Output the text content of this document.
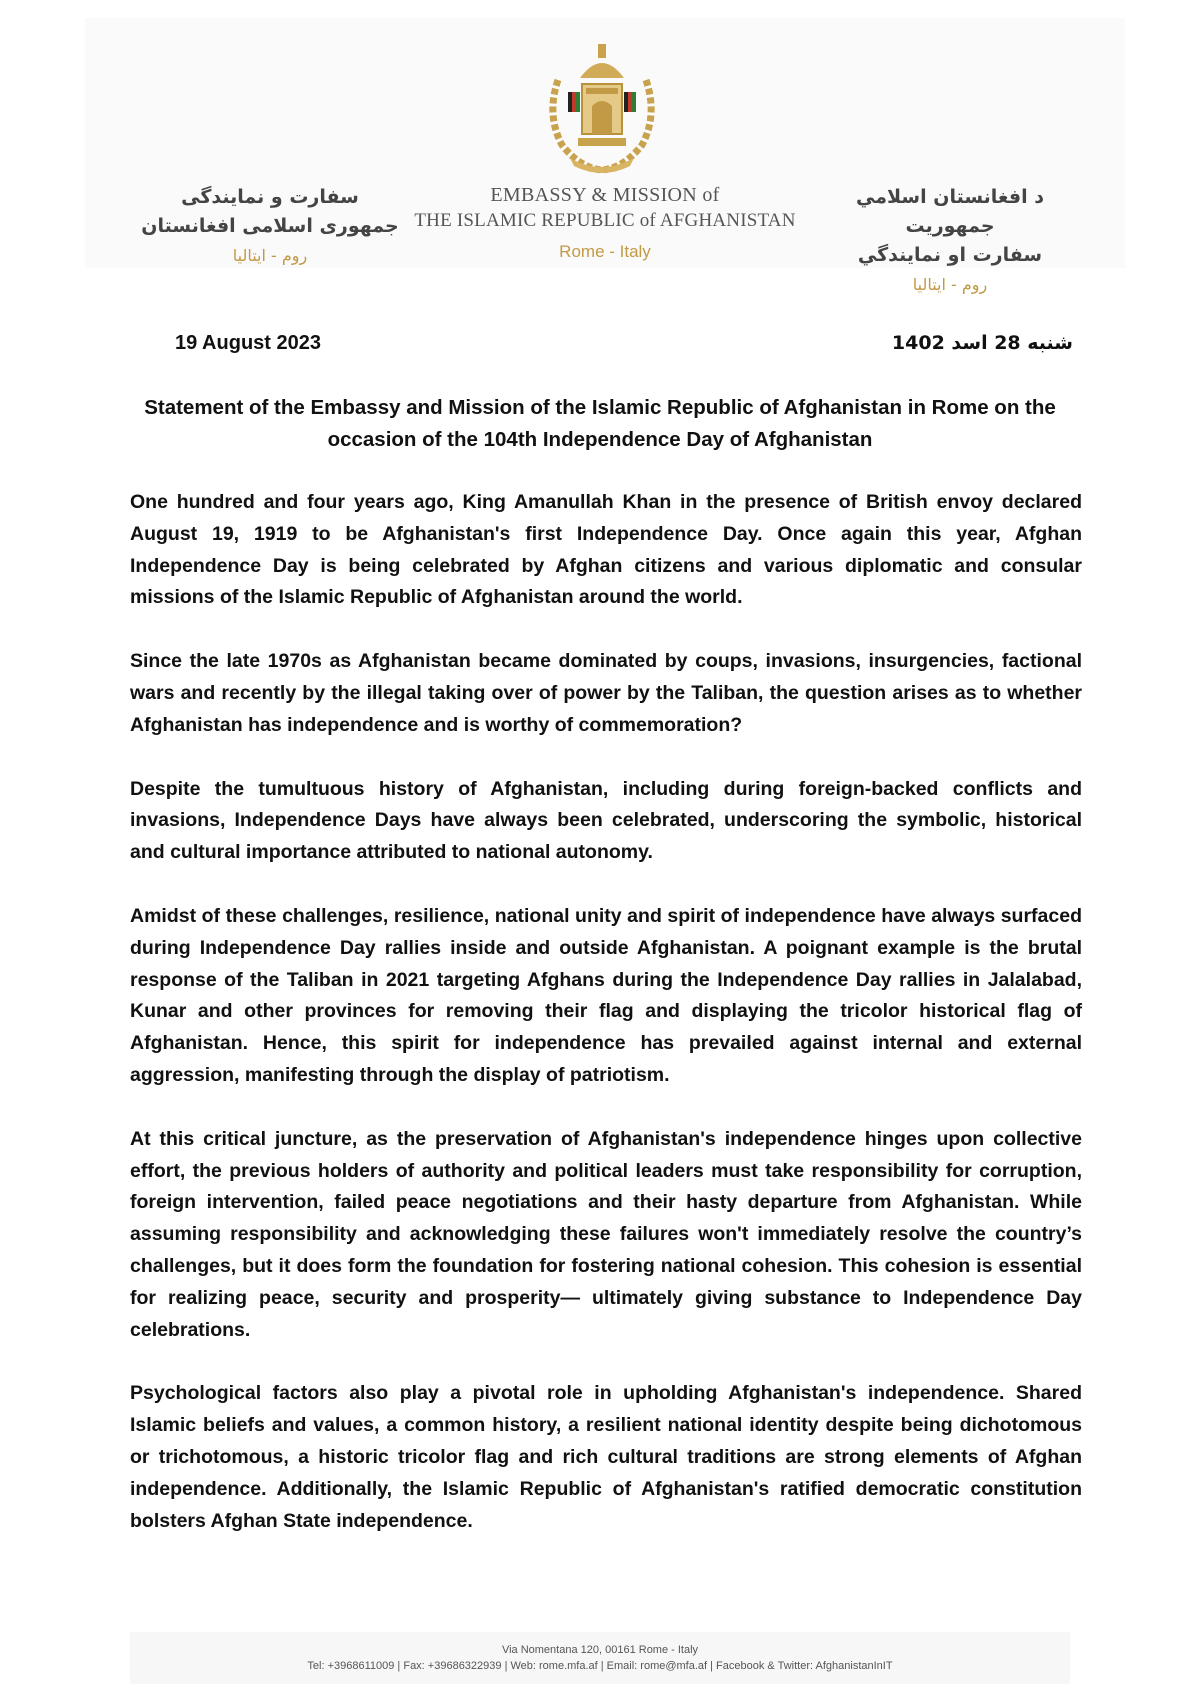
سفارت و نمایندگی
جمهوری اسلامی افغانستان
روم - ایتالیا
EMBASSY & MISSION of
THE ISLAMIC REPUBLIC of AFGHANISTAN
Rome - Italy
د افغانستان اسلامي جمهوريت
سفارت او نمایندگي
روم - ایتالیا
19 August 2023	شنبه 28 اسد 1402
Statement of the Embassy and Mission of the Islamic Republic of Afghanistan in Rome on the occasion of the 104th Independence Day of Afghanistan

One hundred and four years ago, King Amanullah Khan in the presence of British envoy declared August 19, 1919 to be Afghanistan's first Independence Day. Once again this year, Afghan Independence Day is being celebrated by Afghan citizens and various diplomatic and consular missions of the Islamic Republic of Afghanistan around the world.

Since the late 1970s as Afghanistan became dominated by coups, invasions, insurgencies, factional wars and recently by the illegal taking over of power by the Taliban, the question arises as to whether Afghanistan has independence and is worthy of commemoration?

Despite the tumultuous history of Afghanistan, including during foreign-backed conflicts and invasions, Independence Days have always been celebrated, underscoring the symbolic, historical and cultural importance attributed to national autonomy.

Amidst of these challenges, resilience, national unity and spirit of independence have always surfaced during Independence Day rallies inside and outside Afghanistan. A poignant example is the brutal response of the Taliban in 2021 targeting Afghans during the Independence Day rallies in Jalalabad, Kunar and other provinces for removing their flag and displaying the tricolor historical flag of Afghanistan. Hence, this spirit for independence has prevailed against internal and external aggression, manifesting through the display of patriotism.

At this critical juncture, as the preservation of Afghanistan's independence hinges upon collective effort, the previous holders of authority and political leaders must take responsibility for corruption, foreign intervention, failed peace negotiations and their hasty departure from Afghanistan. While assuming responsibility and acknowledging these failures won't immediately resolve the country’s challenges, but it does form the foundation for fostering national cohesion. This cohesion is essential for realizing peace, security and prosperity— ultimately giving substance to Independence Day celebrations.

Psychological factors also play a pivotal role in upholding Afghanistan's independence. Shared Islamic beliefs and values, a common history, a resilient national identity despite being dichotomous or trichotomous, a historic tricolor flag and rich cultural traditions are strong elements of Afghan independence. Additionally, the Islamic Republic of Afghanistan's ratified democratic constitution bolsters Afghan State independence.

Via Nomentana 120, 00161 Rome - Italy
Tel: +3968611009 | Fax: +39686322939 | Web: rome.mfa.af | Email: rome@mfa.af | Facebook & Twitter: AfghanistanInIT
